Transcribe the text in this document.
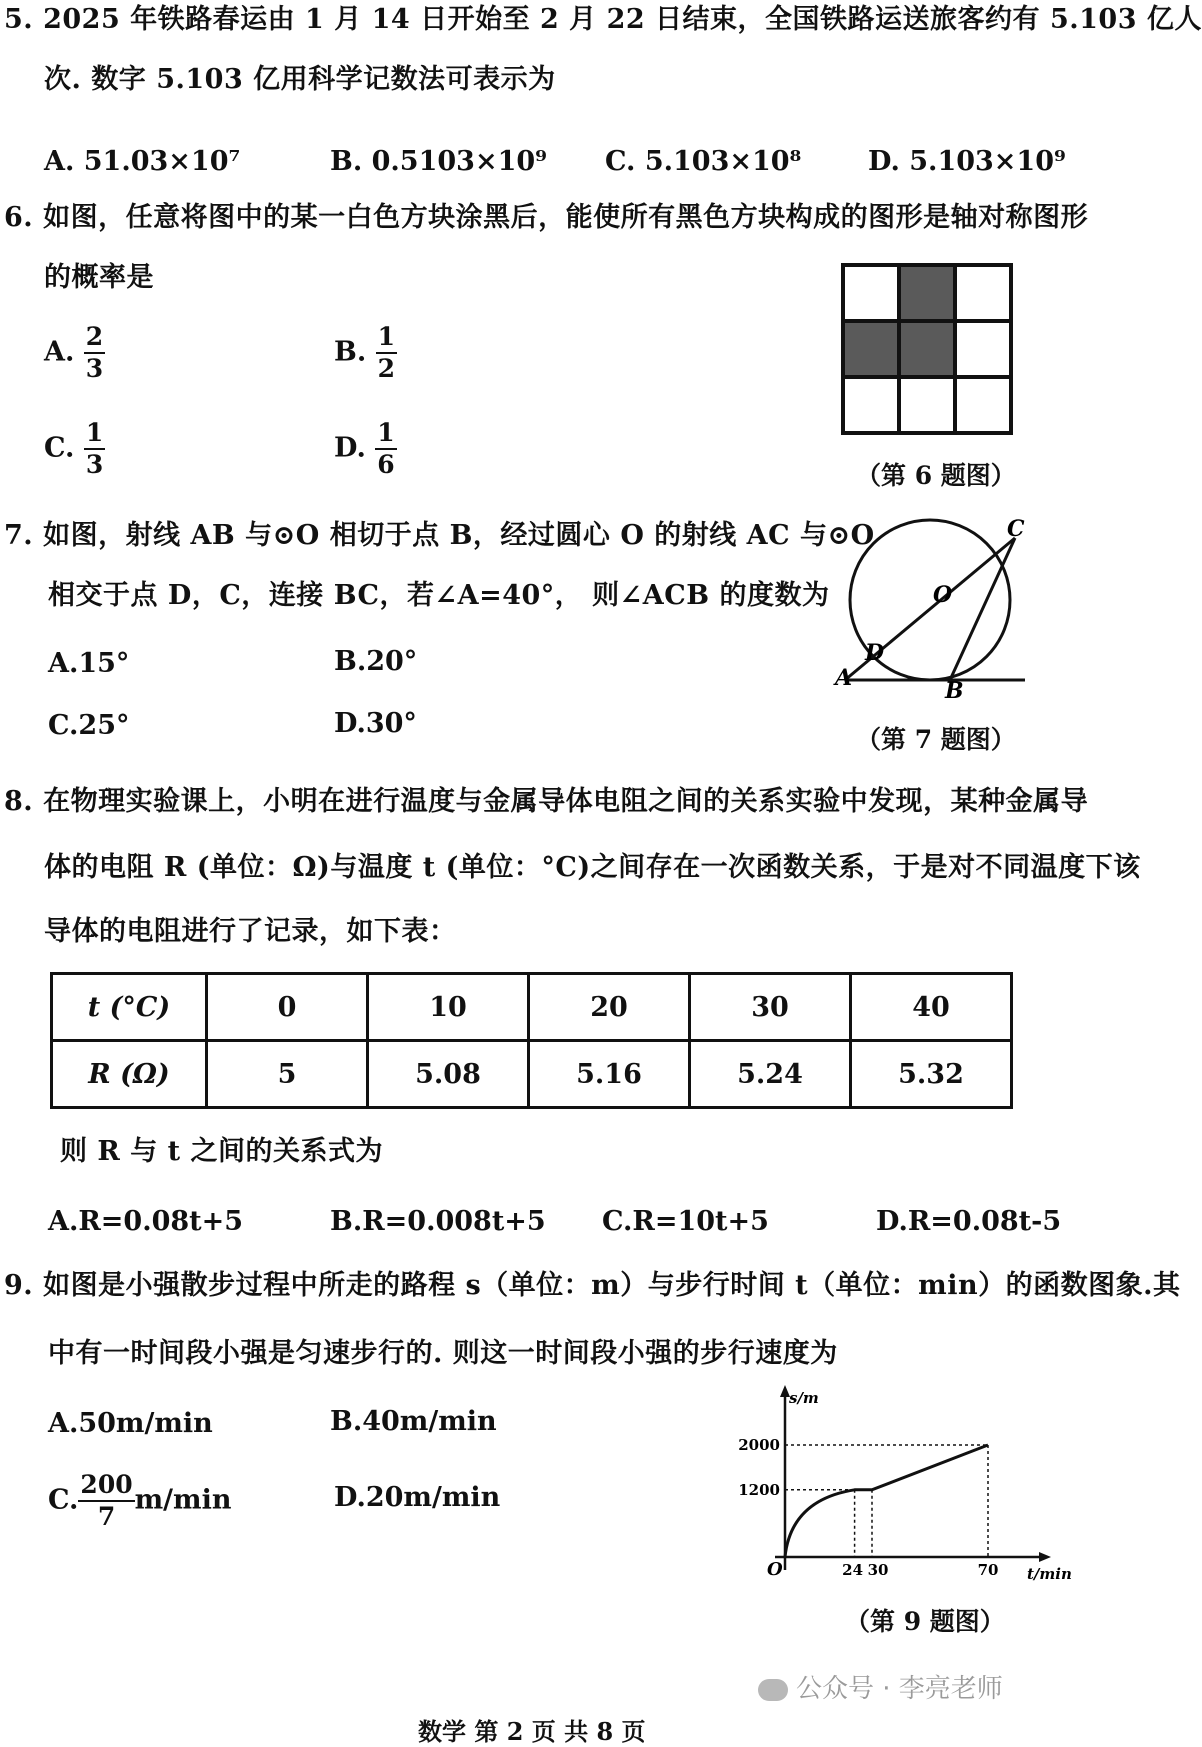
5. 2025 年铁路春运由 1 月 14 日开始至 2 月 22 日结束，全国铁路运送旅客约有 5.103 亿人
次. 数字 5.103 亿用科学记数法可表示为
A. 51.03×10⁷	B. 0.5103×10⁹ C. 5.103×10⁸ D. 5.103×10⁹
6. 如图，任意将图中的某一白色方块涂黑后，能使所有黑色方块构成的图形是轴对称图形
的概率是
A. $\frac{2}{3}$	B. $\frac{1}{2}$
C. $\frac{1}{3}$	D. $\frac{1}{6}$	（第 6 题图）
7. 如图，射线 AB 与⊙O 相切于点 B，经过圆心 O 的射线 AC 与⊙O
相交于点 D，C，连接 BC，若∠A=40°， 则∠ACB 的度数为
A.15°	B.20°
C.25°	D.30°
A	B
C
D
O
（第 7 题图）
8. 在物理实验课上，小明在进行温度与金属导体电阻之间的关系实验中发现，某种金属导
体的电阻 R (单位：Ω)与温度 t (单位：°C)之间存在一次函数关系，于是对不同温度下该
导体的电阻进行了记录，如下表：
t (°C)	0	10	20	30	40
R (Ω)	5	5.08	5.16	5.24	5.32
则 R 与 t 之间的关系式为
A.R=0.08t+5	B.R=0.008t+5 C.R=10t+5	D.R=0.08t-5
9. 如图是小强散步过程中所走的路程 s（单位：m）与步行时间 t（单位：min）的函数图象.其
中有一时间段小强是匀速步行的. 则这一时间段小强的步行速度为
A.50m/min	B.40m/min
C. $\frac{200}{7} m/\min$	D.20m/min
s/m
t/min
O
2000
1200
24 30	70
（第 9 题图）
公众号 · 李亮老师
数学 第 2 页 共 8 页
